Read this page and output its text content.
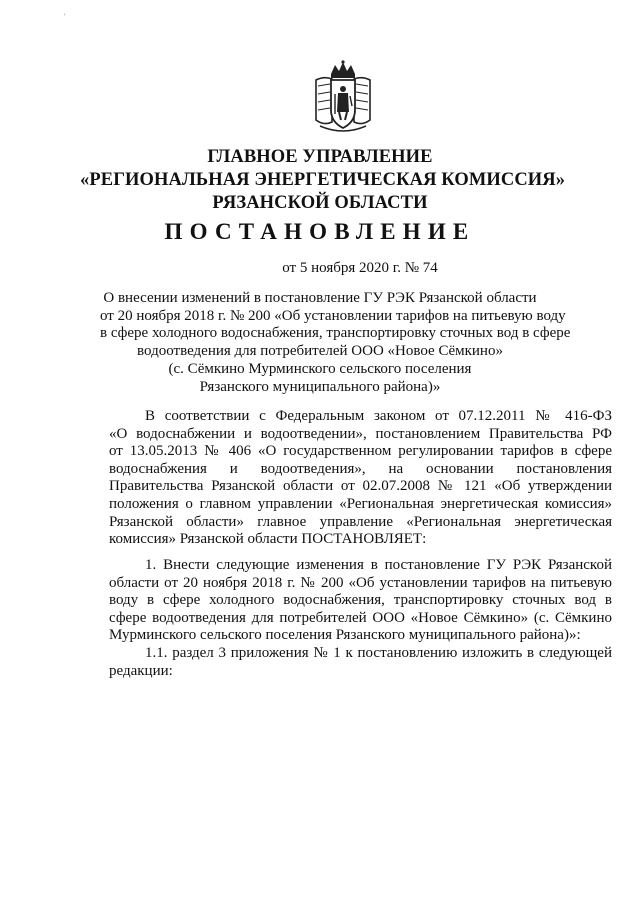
'
ГЛАВНОЕ УПРАВЛЕНИЕ
«РЕГИОНАЛЬНАЯ ЭНЕРГЕТИЧЕСКАЯ КОМИССИЯ»
РЯЗАНСКОЙ ОБЛАСТИ
ПОСТАНОВЛЕНИЕ
от 5 ноября 2020 г. № 74
О внесении изменений в постановление ГУ РЭК Рязанской области
от 20 ноября 2018 г. № 200 «Об установлении тарифов на питьевую воду
в сфере холодного водоснабжения, транспортировку сточных вод в сфере
водоотведения для потребителей ООО «Новое Сёмкино»
(с. Сёмкино Мурминского сельского поселения
Рязанского муниципального района)»
В соответствии с Федеральным законом от 07.12.2011 № 416-ФЗ
«О водоснабжении и водоотведении», постановлением Правительства РФ
от 13.05.2013 № 406 «О государственном регулировании тарифов в сфере
водоснабжения и водоотведения», на основании постановления
Правительства Рязанской области от 02.07.2008 № 121 «Об утверждении
положения о главном управлении «Региональная энергетическая комиссия»
Рязанской области» главное управление «Региональная энергетическая
комиссия» Рязанской области ПОСТАНОВЛЯЕТ:
1. Внести следующие изменения в постановление ГУ РЭК Рязанской
области от 20 ноября 2018 г. № 200 «Об установлении тарифов на питьевую
воду в сфере холодного водоснабжения, транспортировку сточных вод в
сфере водоотведения для потребителей ООО «Новое Сёмкино» (с. Сёмкино
Мурминского сельского поселения Рязанского муниципального района)»:
1.1. раздел 3 приложения № 1 к постановлению изложить в следующей
редакции:
